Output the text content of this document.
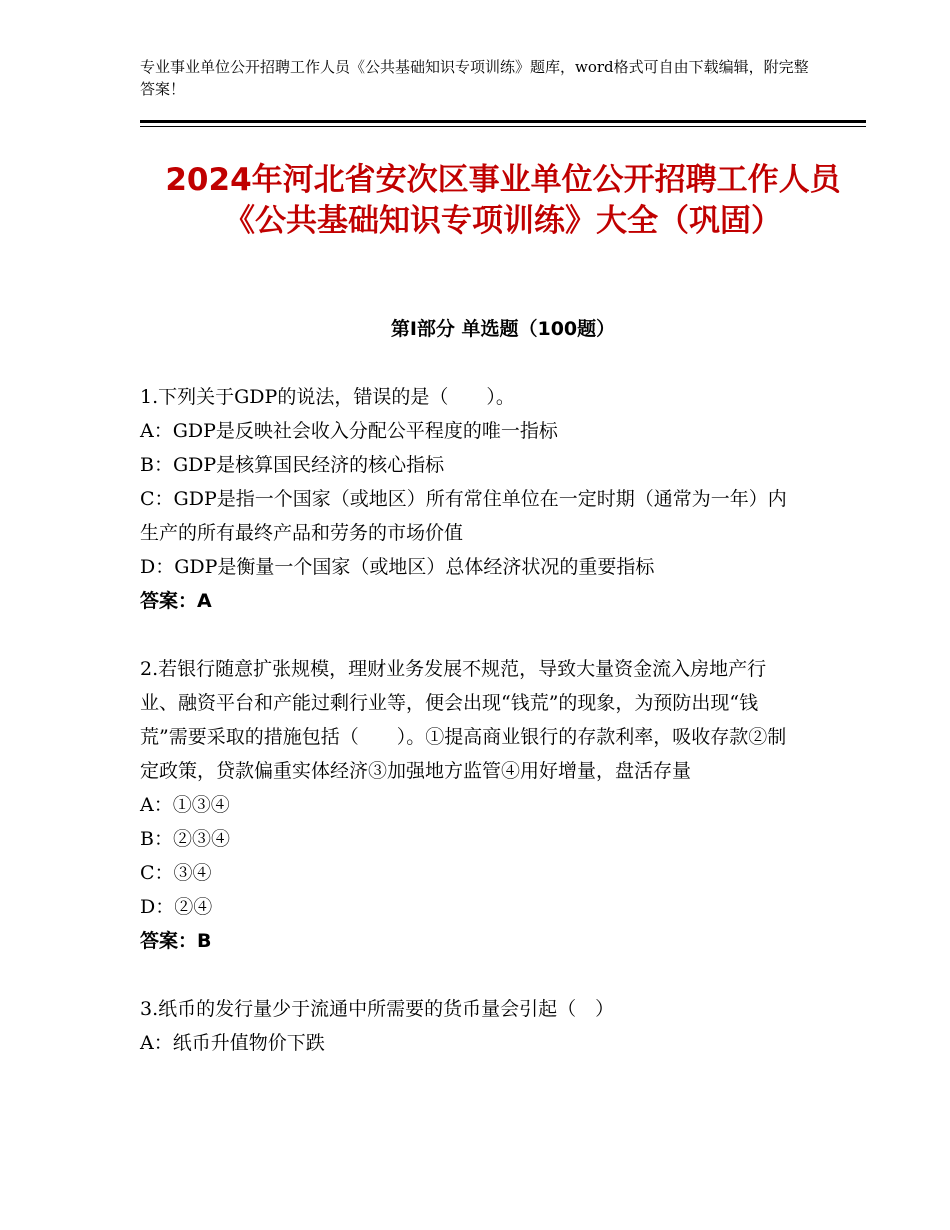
专业事业单位公开招聘工作人员《公共基础知识专项训练》题库，word格式可自由下载编辑，附完整答案！
2024年河北省安次区事业单位公开招聘工作人员《公共基础知识专项训练》大全（巩固）
第Ⅰ部分 单选题（100题）

1.下列关于GDP的说法，错误的是（　　）。

A：GDP是反映社会收入分配公平程度的唯一指标

B：GDP是核算国民经济的核心指标

C：GDP是指一个国家（或地区）所有常住单位在一定时期（通常为一年）内生产的所有最终产品和劳务的市场价值

D：GDP是衡量一个国家（或地区）总体经济状况的重要指标

答案：A

2.若银行随意扩张规模，理财业务发展不规范，导致大量资金流入房地产行业、融资平台和产能过剩行业等，便会出现“钱荒”的现象，为预防出现“钱荒”需要采取的措施包括（　　）。①提高商业银行的存款利率，吸收存款②制定政策，贷款偏重实体经济③加强地方监管④用好增量，盘活存量

A：①③④

B：②③④

C：③④

D：②④

答案：B

3.纸币的发行量少于流通中所需要的货币量会引起（　）

A：纸币升值物价下跌
